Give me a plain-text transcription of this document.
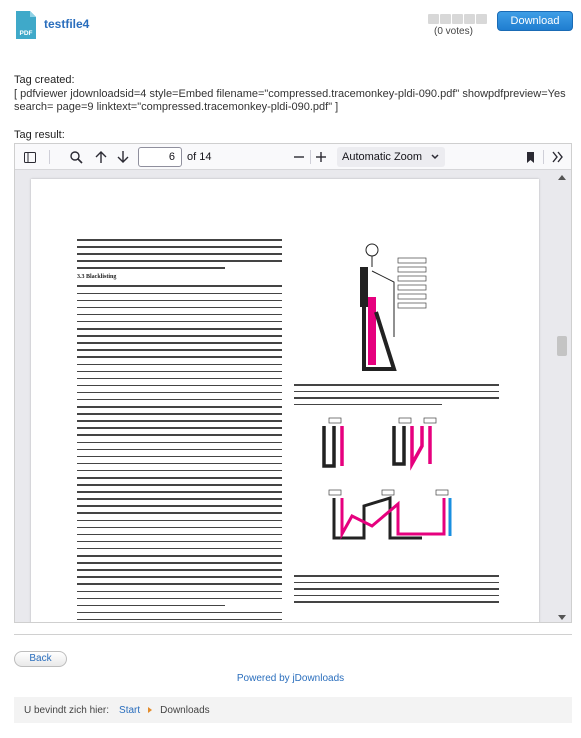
PDF
testfile4
(0 votes)
Download
Tag created:
[ pdfviewer jdownloadsid=4 style=Embed filename="compressed.tracemonkey-pldi-090.pdf" showpdfpreview=Yes search= page=9 linktext="compressed.tracemonkey-pldi-090.pdf" ]
Tag result:
6	of 14	Automatic Zoom
3.3 Blacklisting
Back
Powered by jDownloads
U bevindt zich hier: Start Downloads
